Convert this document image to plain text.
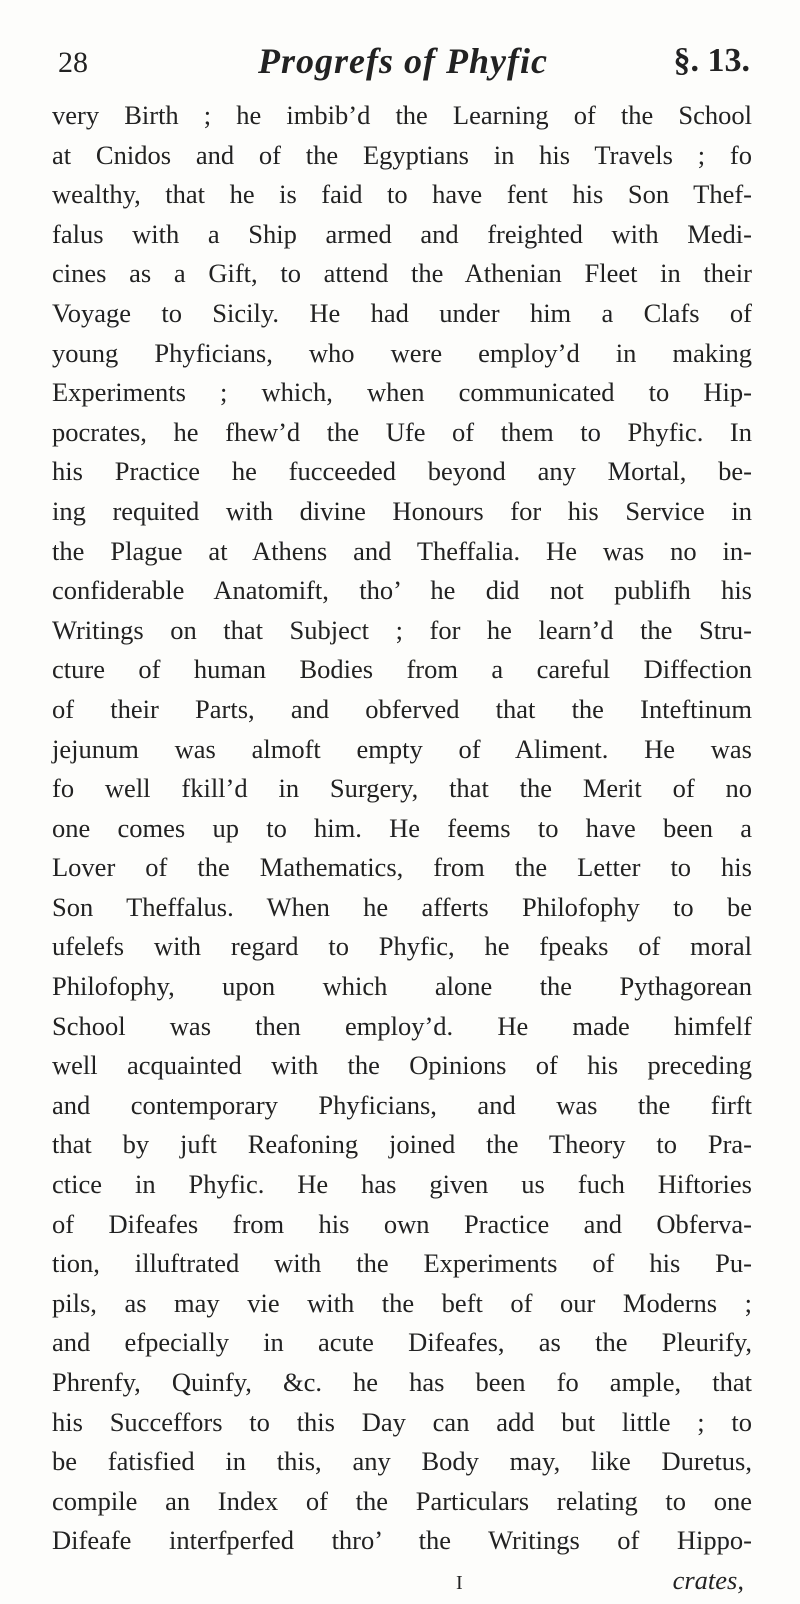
28	Progrefs of Phyfic	§. 13.
very Birth ; he imbib’d the Learning of the School
at Cnidos and of the Egyptians in his Travels ; fo
wealthy, that he is faid to have fent his Son Thef-
falus with a Ship armed and freighted with Medi-
cines as a Gift, to attend the Athenian Fleet in their
Voyage to Sicily. He had under him a Clafs of
young Phyficians, who were employ’d in making
Experiments ; which, when communicated to Hip-
pocrates, he fhew’d the Ufe of them to Phyfic. In
his Practice he fucceeded beyond any Mortal, be-
ing requited with divine Honours for his Service in
the Plague at Athens and Theffalia. He was no in-
confiderable Anatomift, tho’ he did not publifh his
Writings on that Subject ; for he learn’d the Stru-
cture of human Bodies from a careful Diffection
of their Parts, and obferved that the Inteftinum
jejunum was almoft empty of Aliment. He was
fo well fkill’d in Surgery, that the Merit of no
one comes up to him. He feems to have been a
Lover of the Mathematics, from the Letter to his
Son Theffalus. When he afferts Philofophy to be
ufelefs with regard to Phyfic, he fpeaks of moral
Philofophy, upon which alone the Pythagorean
School was then employ’d. He made himfelf
well acquainted with the Opinions of his preceding
and contemporary Phyficians, and was the firft
that by juft Reafoning joined the Theory to Pra-
ctice in Phyfic. He has given us fuch Hiftories
of Difeafes from his own Practice and Obferva-
tion, illuftrated with the Experiments of his Pu-
pils, as may vie with the beft of our Moderns ;
and efpecially in acute Difeafes, as the Pleurify,
Phrenfy, Quinfy, &c. he has been fo ample, that
his Succeffors to this Day can add but little ; to
be fatisfied in this, any Body may, like Duretus,
compile an Index of the Particulars relating to one
Difeafe interfperfed thro’ the Writings of Hippo-
I	crates,
